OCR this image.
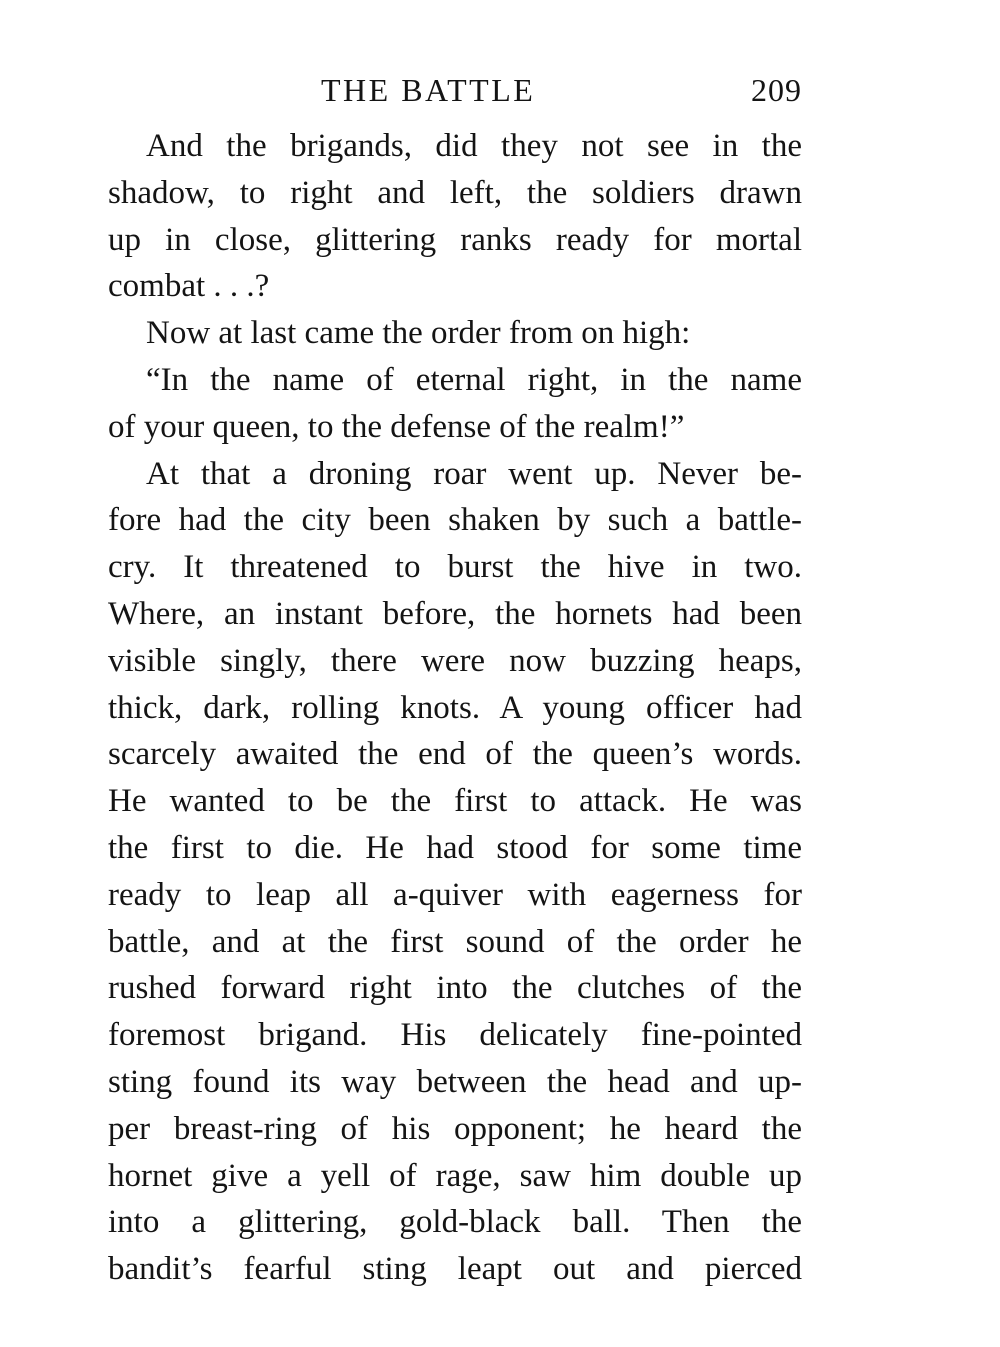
THE BATTLE	209
And the brigands, did they not see in the
shadow, to right and left, the soldiers drawn
up in close, glittering ranks ready for mortal
combat . . .?
Now at last came the order from on high:
“In the name of eternal right, in the name
of your queen, to the defense of the realm!”
At that a droning roar went up. Never be-
fore had the city been shaken by such a battle-
cry. It threatened to burst the hive in two.
Where, an instant before, the hornets had been
visible singly, there were now buzzing heaps,
thick, dark, rolling knots. A young officer had
scarcely awaited the end of the queen’s words.
He wanted to be the first to attack. He was
the first to die. He had stood for some time
ready to leap all a-quiver with eagerness for
battle, and at the first sound of the order he
rushed forward right into the clutches of the
foremost brigand. His delicately fine-pointed
sting found its way between the head and up-
per breast-ring of his opponent; he heard the
hornet give a yell of rage, saw him double up
into a glittering, gold-black ball. Then the
bandit’s fearful sting leapt out and pierced
